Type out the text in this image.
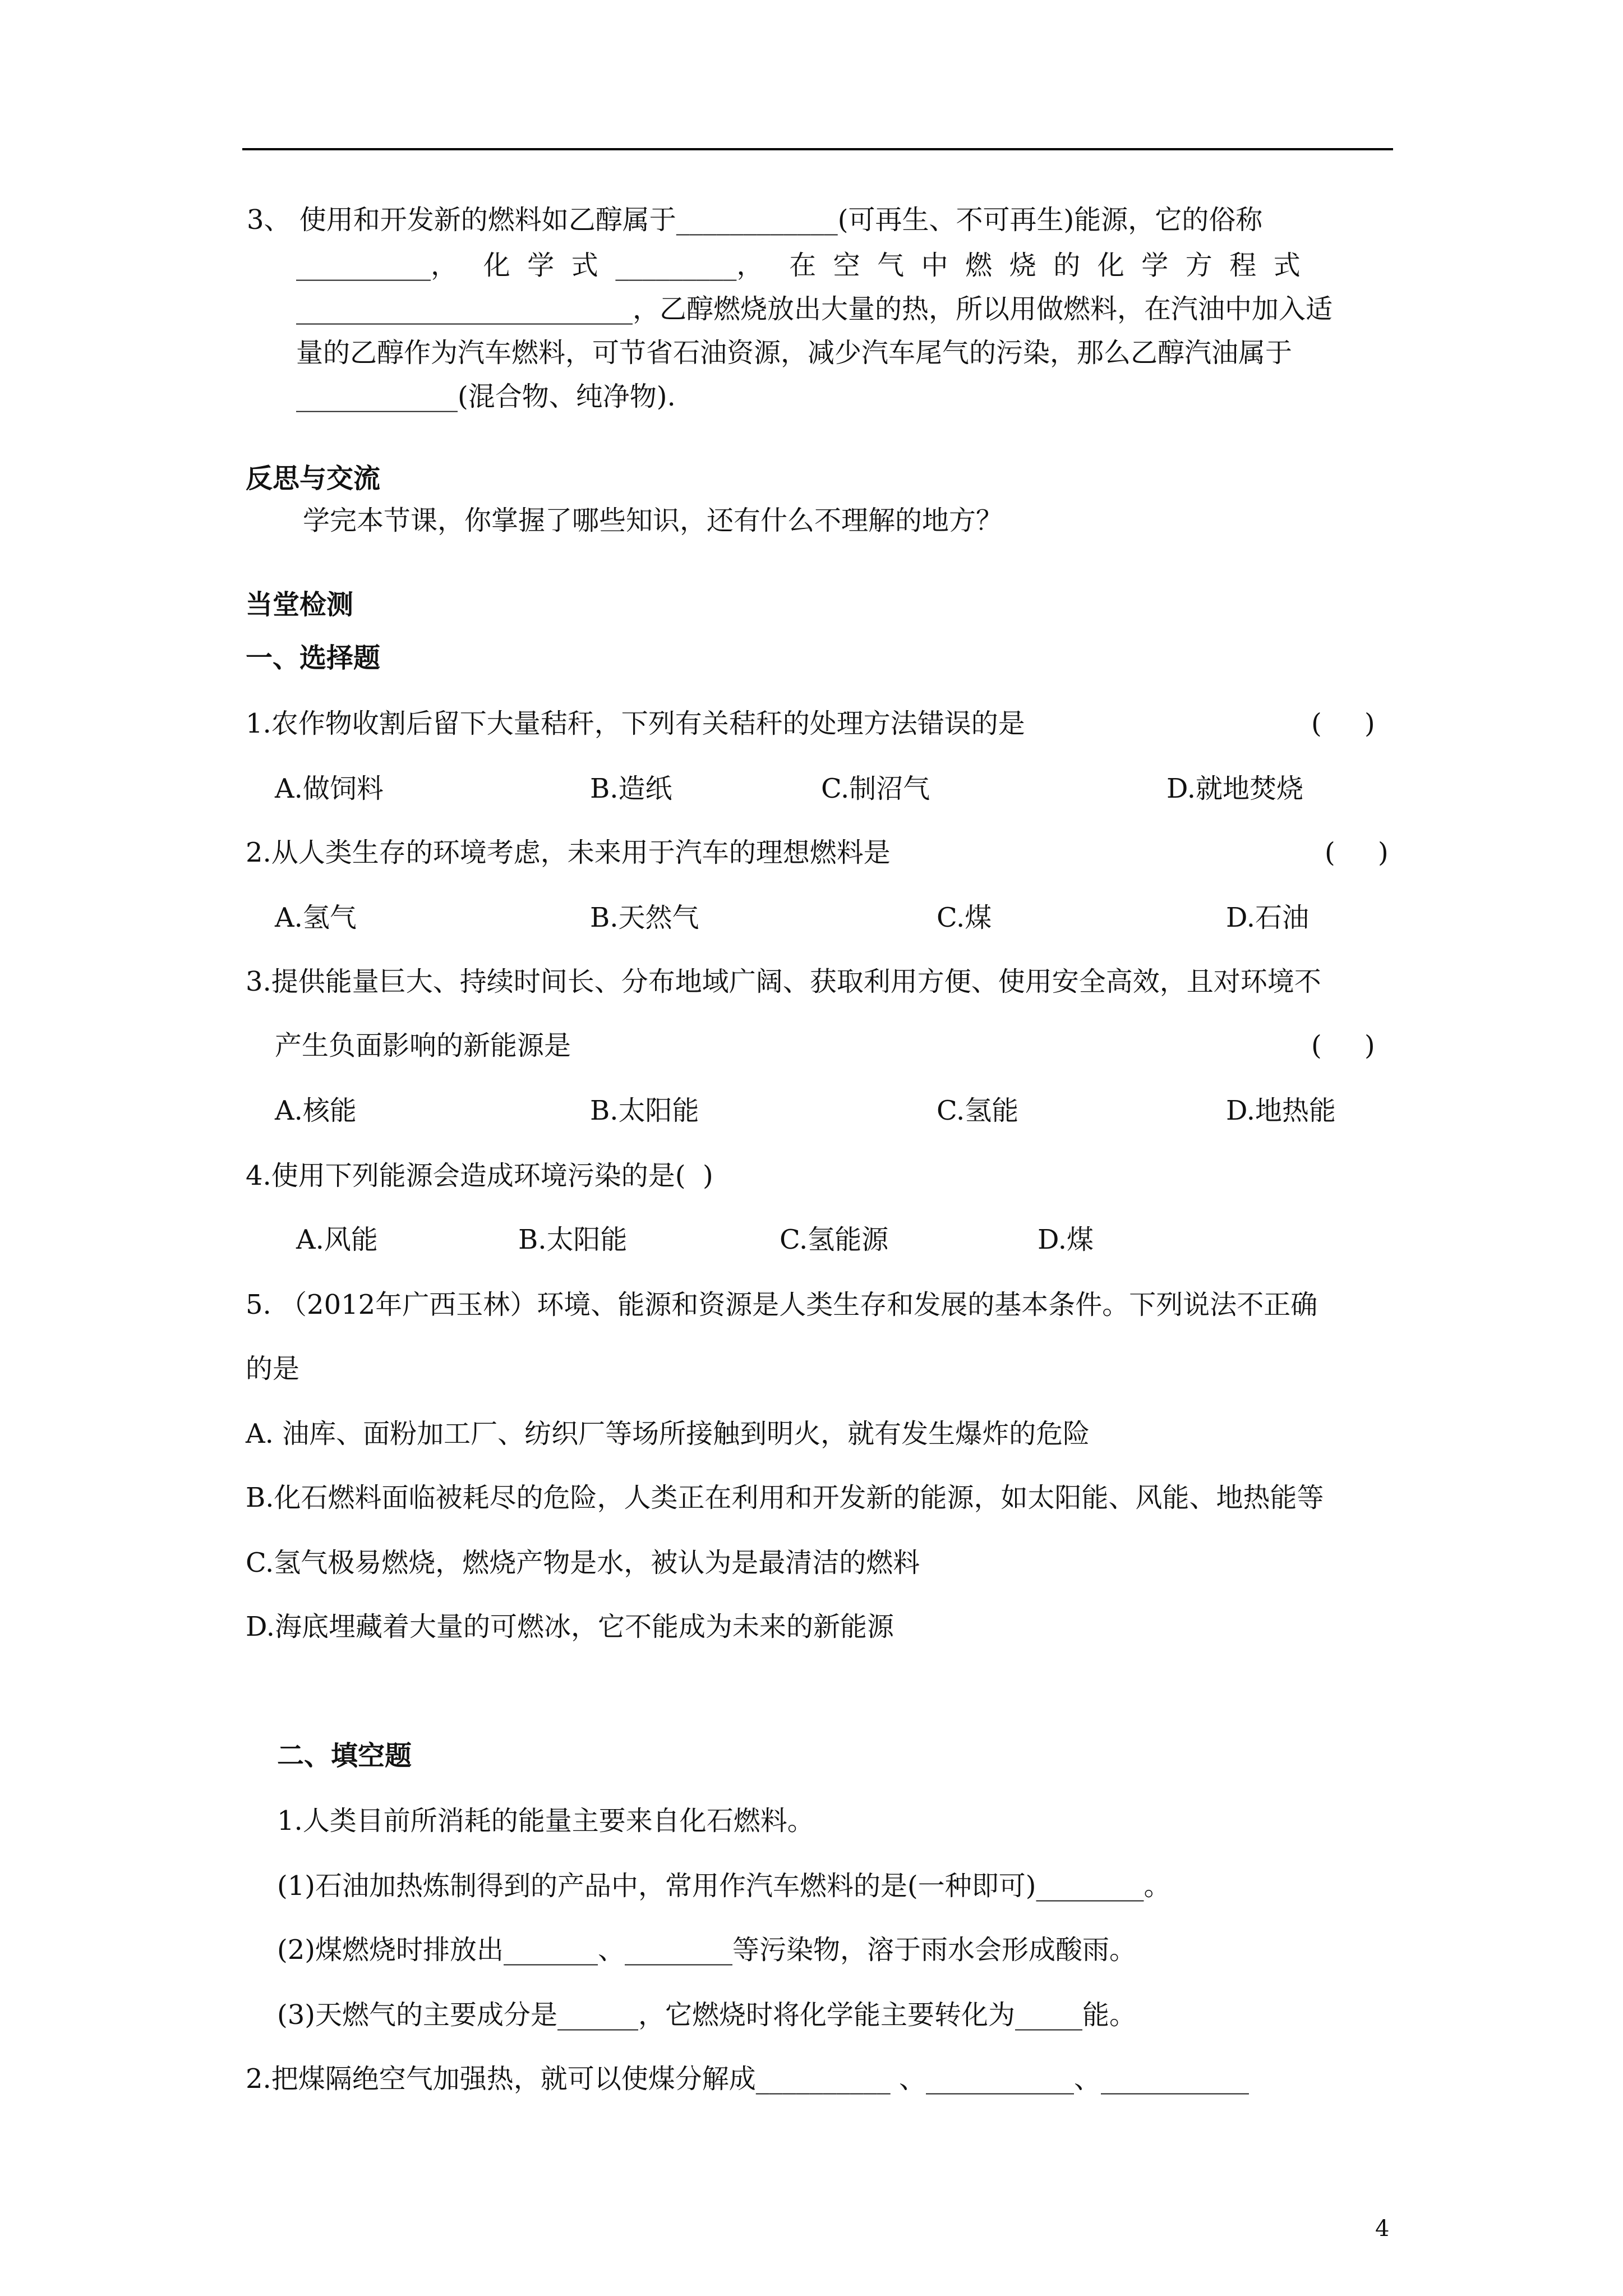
3、 使用和开发新的燃料如乙醇属于____________(可再生、不可再生)能源，它的俗称
__________，   化  学  式  _________，   在  空  气  中  燃  烧  的  化  学  方  程  式
_________________________，乙醇燃烧放出大量的热，所以用做燃料，在汽油中加入适
量的乙醇作为汽车燃料，可节省石油资源，减少汽车尾气的污染，那么乙醇汽油属于
____________(混合物、纯净物).
反思与交流
学完本节课，你掌握了哪些知识，还有什么不理解的地方？
当堂检测
一、选择题
1.农作物收割后留下大量秸秆，下列有关秸秆的处理方法错误的是	(     )
A.做饲料	B.造纸	C.制沼气	D.就地焚烧
2.从人类生存的环境考虑，未来用于汽车的理想燃料是	(     )
A.氢气	B.天然气	C.煤	D.石油
3.提供能量巨大、持续时间长、分布地域广阔、获取利用方便、使用安全高效，且对环境不
产生负面影响的新能源是	(     )
A.核能	B.太阳能	C.氢能	D.地热能
4.使用下列能源会造成环境污染的是(  )
A.风能	B.太阳能	C.氢能源	D.煤
5. （2012年广西玉林）环境、能源和资源是人类生存和发展的基本条件。下列说法不正确
的是
A. 油库、面粉加工厂、纺织厂等场所接触到明火，就有发生爆炸的危险
B.化石燃料面临被耗尽的危险，人类正在利用和开发新的能源，如太阳能、风能、地热能等
C.氢气极易燃烧，燃烧产物是水，被认为是最清洁的燃料
D.海底埋藏着大量的可燃冰，它不能成为未来的新能源
二、填空题
1.人类目前所消耗的能量主要来自化石燃料。
(1)石油加热炼制得到的产品中，常用作汽车燃料的是(一种即可)________。
(2)煤燃烧时排放出_______、________等污染物，溶于雨水会形成酸雨。
(3)天燃气的主要成分是______，它燃烧时将化学能主要转化为_____能。
2.把煤隔绝空气加强热，就可以使煤分解成__________ 、___________、___________
4
